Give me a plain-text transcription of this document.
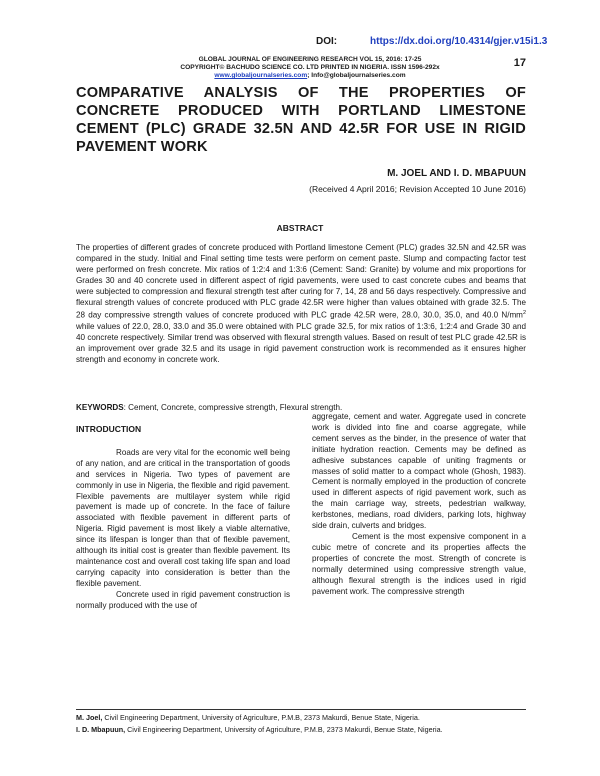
DOI:	https://dx.doi.org/10.4314/gjer.v15i1.3
GLOBAL JOURNAL OF ENGINEERING RESEARCH VOL 15, 2016: 17-25
COPYRIGHT© BACHUDO SCIENCE CO. LTD PRINTED IN NIGERIA. ISSN 1596-292x
www.globaljournalseries.com; Info@globaljournalseries.com
17
COMPARATIVE ANALYSIS OF THE PROPERTIES OF CONCRETE PRODUCED WITH PORTLAND LIMESTONE CEMENT (PLC) GRADE 32.5N AND 42.5R FOR USE IN RIGID PAVEMENT WORK
M. JOEL AND I. D. MBAPUUN
(Received 4 April 2016; Revision Accepted 10 June 2016)
ABSTRACT

The properties of different grades of concrete produced with Portland limestone Cement (PLC) grades 32.5N and 42.5R was compared in the study. Initial and Final setting time tests were perform on cement paste. Slump and compacting factor test were performed on fresh concrete. Mix ratios of 1:2:4 and 1:3:6 (Cement: Sand: Granite) by volume and mix proportions for Grades 30 and 40 concrete used in different aspect of rigid pavements, were used to cast concrete cubes and beams that were subjected to compression and flexural strength test after curing for 7, 14, 28 and 56 days respectively. Compressive and flexural strength values of concrete produced with PLC grade 42.5R were higher than values obtained with grade 32.5. The 28 day compressive strength values of concrete produced with PLC grade 42.5R were, 28.0, 30.0, 35.0, and 40.0 $N/mm^2$ while values of 22.0, 28.0, 33.0 and 35.0 were obtained with PLC grade 32.5, for mix ratios of 1:3:6, 1:2:4 and Grade 30 and 40 concrete respectively. Similar trend was observed with flexural strength values. Based on result of test PLC grade 42.5R is an improvement over grade 32.5 and its usage in rigid pavement construction work is recommended as it ensures higher strength and economy in concrete work.

KEYWORDS: Cement, Concrete, compressive strength, Flexural strength.

INTRODUCTION

Roads are very vital for the economic well being of any nation, and are critical in the transportation of goods and services in Nigeria. Two types of pavement are commonly in use in Nigeria, the flexible and rigid pavement. Flexible pavements are multilayer system while rigid pavement is made up of concrete. In the face of failure associated with flexible pavement in different parts of Nigeria. Rigid pavement is most likely a viable alternative, since its lifespan is longer than that of flexible pavement, although its initial cost is greater than flexible pavement. Its maintenance cost and overall cost taking life span and load carrying capacity into consideration is better than the flexible pavement.

Concrete used in rigid pavement construction is normally produced with the use of

aggregate, cement and water. Aggregate used in concrete work is divided into fine and coarse aggregate, while cement serves as the binder, in the presence of water that initiate hydration reaction. Cements may be defined as adhesive substances capable of uniting fragments or masses of solid matter to a compact whole (Ghosh, 1983). Cement is normally employed in the production of concrete used in different aspects of rigid pavement work, such as the main carriage way, streets, pedestrian walkway, kerbstones, medians, road dividers, parking lots, highway side drain, culverts and bridges.

Cement is the most expensive component in a cubic metre of concrete and its properties affects the properties of concrete the most. Strength of concrete is normally determined using compressive strength value, although flexural strength is the indices used in rigid pavement work. The compressive strength

M. Joel, Civil Engineering Department, University of Agriculture, P.M.B, 2373 Makurdi, Benue State, Nigeria.
I. D. Mbapuun, Civil Engineering Department, University of Agriculture, P.M.B, 2373 Makurdi, Benue State, Nigeria.
